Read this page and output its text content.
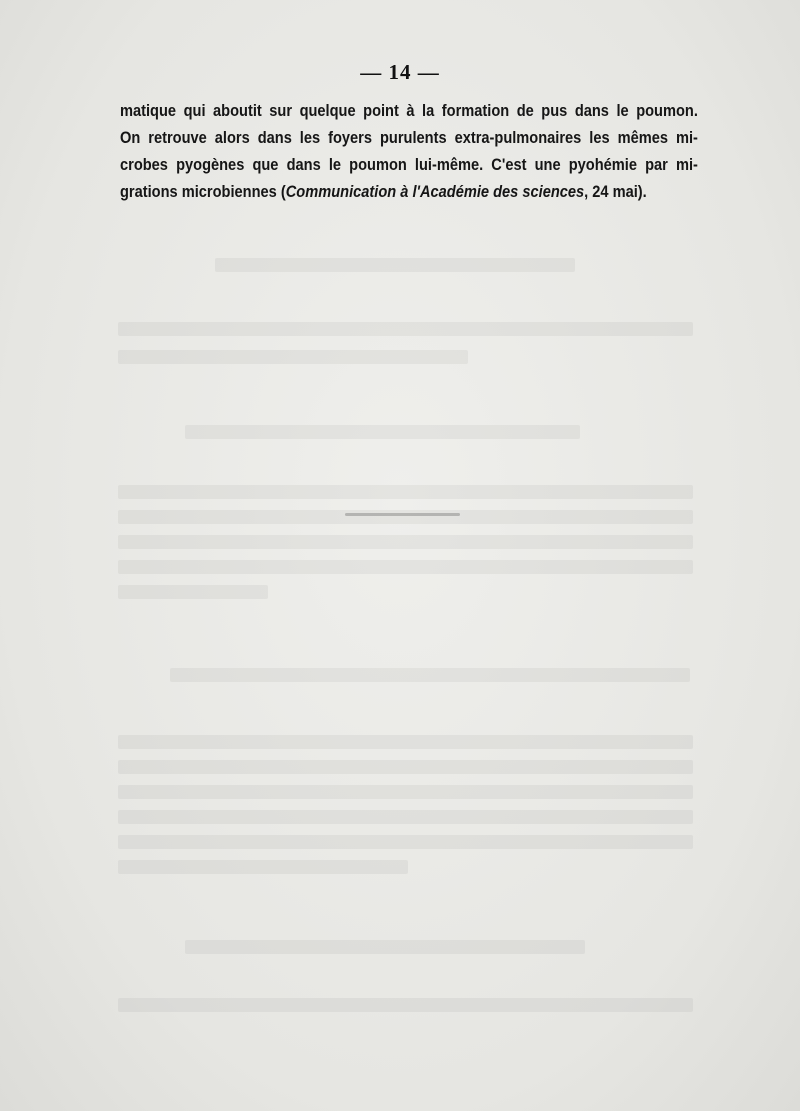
— 14 —
matique qui aboutit sur quelque point à la formation de pus dans le poumon.
On retrouve alors dans les foyers purulents extra-pulmonaires les mêmes mi-
crobes pyogènes que dans le poumon lui-même. C'est une pyohémie par mi-
grations microbiennes (Communication à l'Académie des sciences, 24 mai).
